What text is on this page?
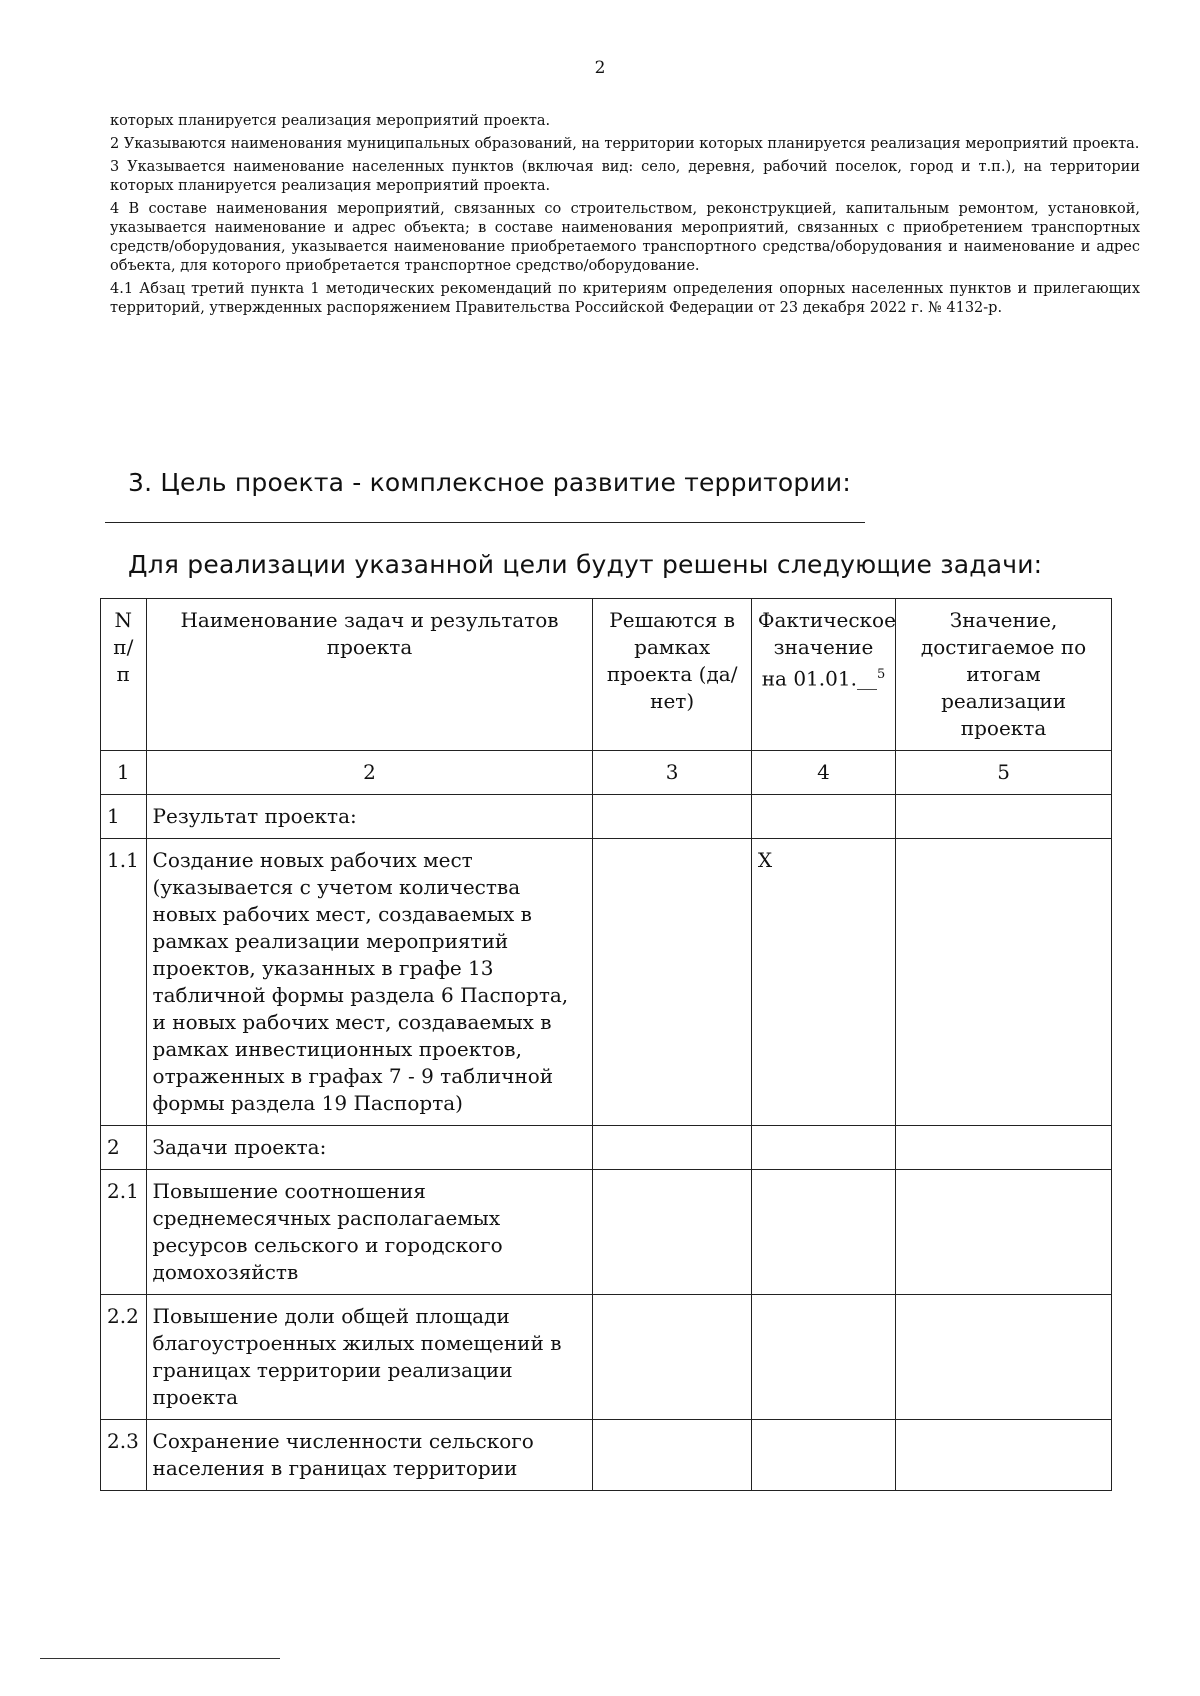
2

которых планируется реализация мероприятий проекта.

2 Указываются наименования муниципальных образований, на территории которых планируется реализация мероприятий проекта.

3 Указывается наименование населенных пунктов (включая вид: село, деревня, рабочий поселок, город и т.п.), на территории которых планируется реализация мероприятий проекта.

4 В составе наименования мероприятий, связанных со строительством, реконструкцией, капитальным ремонтом, установкой, указывается наименование и адрес объекта; в составе наименования мероприятий, связанных с приобретением транспортных средств/оборудования, указывается наименование приобретаемого транспортного средства/оборудования и наименование и адрес объекта, для которого приобретается транспортное средство/оборудование.

4.1 Абзац третий пункта 1 методических рекомендаций по критериям определения опорных населенных пунктов и прилегающих территорий, утвержденных распоряжением Правительства Российской Федерации от 23 декабря 2022 г. № 4132-р.

3. Цель проекта - комплексное развитие территории:
Для реализации указанной цели будут решены следующие задачи:
N п/п	Наименование задач и результатов проекта	Решаются в рамках проекта (да/нет)	Фактическое значение на 01.01.__$^5$	Значение, достигаемое по итогам реализации проекта
1	2	3	4	5
1	Результат проекта:			
1.1	Создание новых рабочих мест (указывается с учетом количества новых рабочих мест, создаваемых в рамках реализации мероприятий проектов, указанных в графе 13 табличной формы раздела 6 Паспорта, и новых рабочих мест, создаваемых в рамках инвестиционных проектов, отраженных в графах 7 - 9 табличной формы раздела 19 Паспорта)		X	
2	Задачи проекта:			
2.1	Повышение соотношения среднемесячных располагаемых ресурсов сельского и городского домохозяйств			
2.2	Повышение доли общей площади благоустроенных жилых помещений в границах территории реализации проекта			
2.3	Сохранение численности сельского населения в границах территории			
